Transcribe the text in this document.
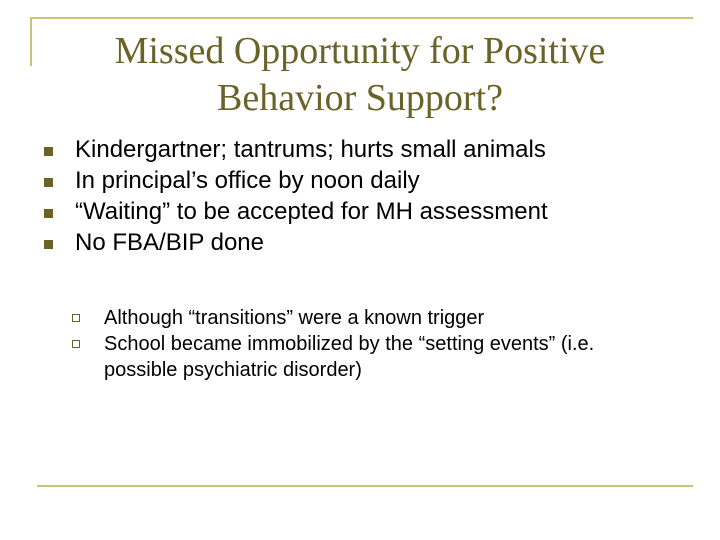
Missed Opportunity for Positive
Behavior Support?
Kindergartner; tantrums; hurts small animals
In principal’s office by noon daily
“Waiting” to be accepted for MH assessment
No FBA/BIP done
Although “transitions” were a known trigger
School became immobilized by the “setting events” (i.e. possible psychiatric disorder)
